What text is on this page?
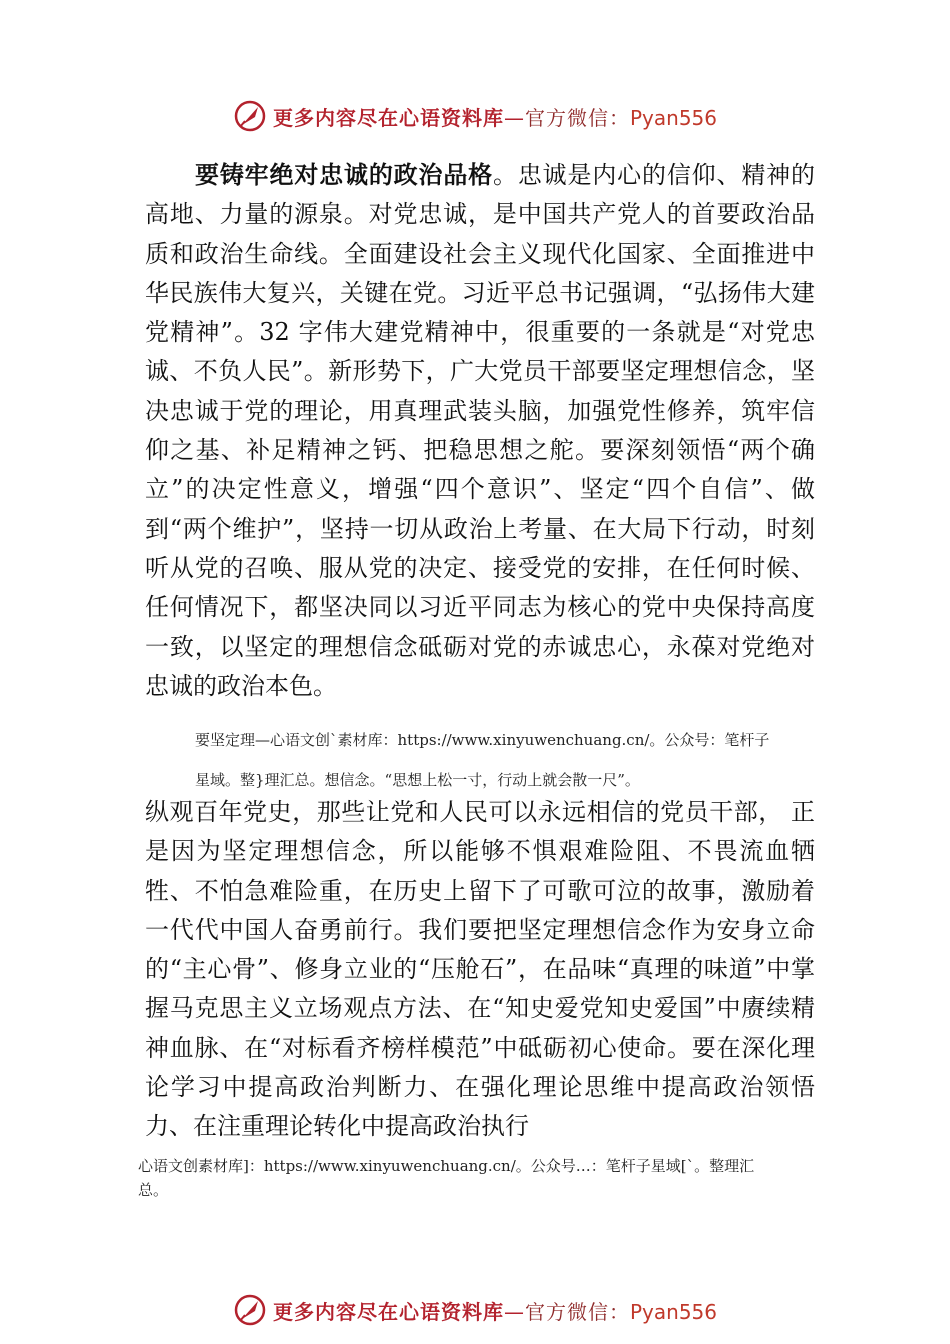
更多内容尽在心语资料库—官方微信：Pyan556
要铸牢绝对忠诚的政治品格。忠诚是内心的信仰、精神的高地、力量的源泉。对党忠诚，是中国共产党人的首要政治品质和政治生命线。全面建设社会主义现代化国家、全面推进中华民族伟大复兴，关键在党。习近平总书记强调，“弘扬伟大建党精神”。32 字伟大建党精神中，很重要的一条就是“对党忠诚、不负人民”。新形势下，广大党员干部要坚定理想信念，坚决忠诚于党的理论，用真理武装头脑，加强党性修养，筑牢信仰之基、补足精神之钙、把稳思想之舵。要深刻领悟“两个确立”的决定性意义，增强“四个意识”、坚定“四个自信”、做到“两个维护”，坚持一切从政治上考量、在大局下行动，时刻听从党的召唤、服从党的决定、接受党的安排，在任何时候、任何情况下，都坚决同以习近平同志为核心的党中央保持高度一致，以坚定的理想信念砥砺对党的赤诚忠心，永葆对党绝对忠诚的政治本色。
要坚定理—心语文创`素材库：https://www.xinyuwenchuang.cn/。公众号：笔杆子
星域。整}理汇总。想信念。“思想上松一寸，行动上就会散一尺”。
纵观百年党史，那些让党和人民可以永远相信的党员干部， 正是因为坚定理想信念，所以能够不惧艰难险阻、不畏流血牺牲、不怕急难险重，在历史上留下了可歌可泣的故事，激励着一代代中国人奋勇前行。我们要把坚定理想信念作为安身立命的“主心骨”、修身立业的“压舱石”，在品味“真理的味道”中掌握马克思主义立场观点方法、在“知史爱党知史爱国”中赓续精神血脉、在“对标看齐榜样模范”中砥砺初心使命。要在深化理论学习中提高政治判断力、在强化理论思维中提高政治领悟力、在注重理论转化中提高政治执行
心语文创素材库]：https://www.xinyuwenchuang.cn/。公众号…：笔杆子星域[`。整理汇
总。
更多内容尽在心语资料库—官方微信：Pyan556
